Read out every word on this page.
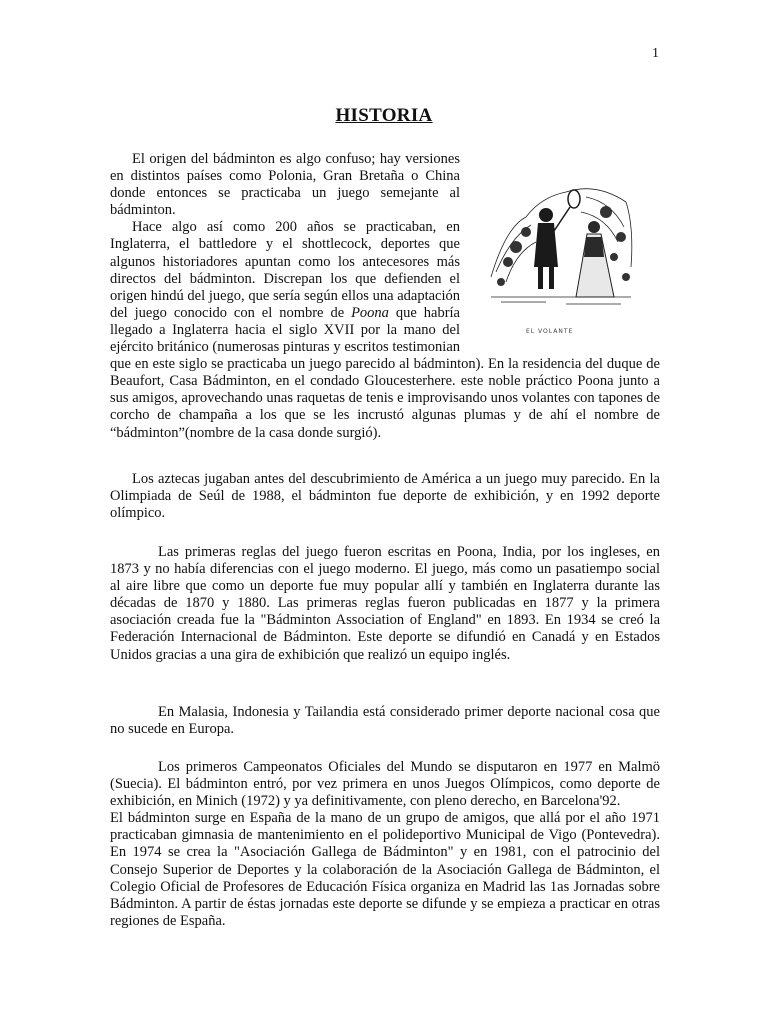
1
HISTORIA
EL VOLANTE

El origen del bádminton es algo confuso; hay versiones en distintos países como Polonia, Gran Bretaña o China donde entonces se practicaba un juego semejante al bádminton.

Hace algo así como 200 años se practicaban, en Inglaterra, el battledore y el shottlecock, deportes que algunos historiadores apuntan como los antecesores más directos del bádminton. Discrepan los que defienden el origen hindú del juego, que sería según ellos una adaptación del juego conocido con el nombre de Poona que habría llegado a Inglaterra hacia el siglo XVII por la mano del ejército británico (numerosas pinturas y escritos testimonian que en este siglo se practicaba un juego parecido al bádminton). En la residencia del duque de Beaufort, Casa Bádminton, en el condado Gloucesterhere. este noble práctico Poona junto a sus amigos, aprovechando unas raquetas de tenis e improvisando unos volantes con tapones de corcho de champaña a los que se les incrustó algunas plumas y de ahí el nombre de “bádminton”(nombre de la casa donde surgió).

Los aztecas jugaban antes del descubrimiento de América a un juego muy parecido. En la Olimpiada de Seúl de 1988, el bádminton fue deporte de exhibición, y en 1992 deporte olímpico.

Las primeras reglas del juego fueron escritas en Poona, India, por los ingleses, en 1873 y no había diferencias con el juego moderno. El juego, más como un pasatiempo social al aire libre que como un deporte fue muy popular allí y también en Inglaterra durante las décadas de 1870 y 1880. Las primeras reglas fueron publicadas en 1877 y la primera asociación creada fue la "Bádminton Association of England" en 1893. En 1934 se creó la Federación Internacional de Bádminton. Este deporte se difundió en Canadá y en Estados Unidos gracias a una gira de exhibición que realizó un equipo inglés.

En Malasia, Indonesia y Tailandia está considerado primer deporte nacional cosa que no sucede en Europa.

Los primeros Campeonatos Oficiales del Mundo se disputaron en 1977 en Malmö (Suecia). El bádminton entró, por vez primera en unos Juegos Olímpicos, como deporte de exhibición, en Minich (1972) y ya definitivamente, con pleno derecho, en Barcelona'92.

El bádminton surge en España de la mano de un grupo de amigos, que allá por el año 1971 practicaban gimnasia de mantenimiento en el polideportivo Municipal de Vigo (Pontevedra). En 1974 se crea la "Asociación Gallega de Bádminton" y en 1981, con el patrocinio del Consejo Superior de Deportes y la colaboración de la Asociación Gallega de Bádminton, el Colegio Oficial de Profesores de Educación Física organiza en Madrid las 1as Jornadas sobre Bádminton. A partir de éstas jornadas este deporte se difunde y se empieza a practicar en otras regiones de España.
